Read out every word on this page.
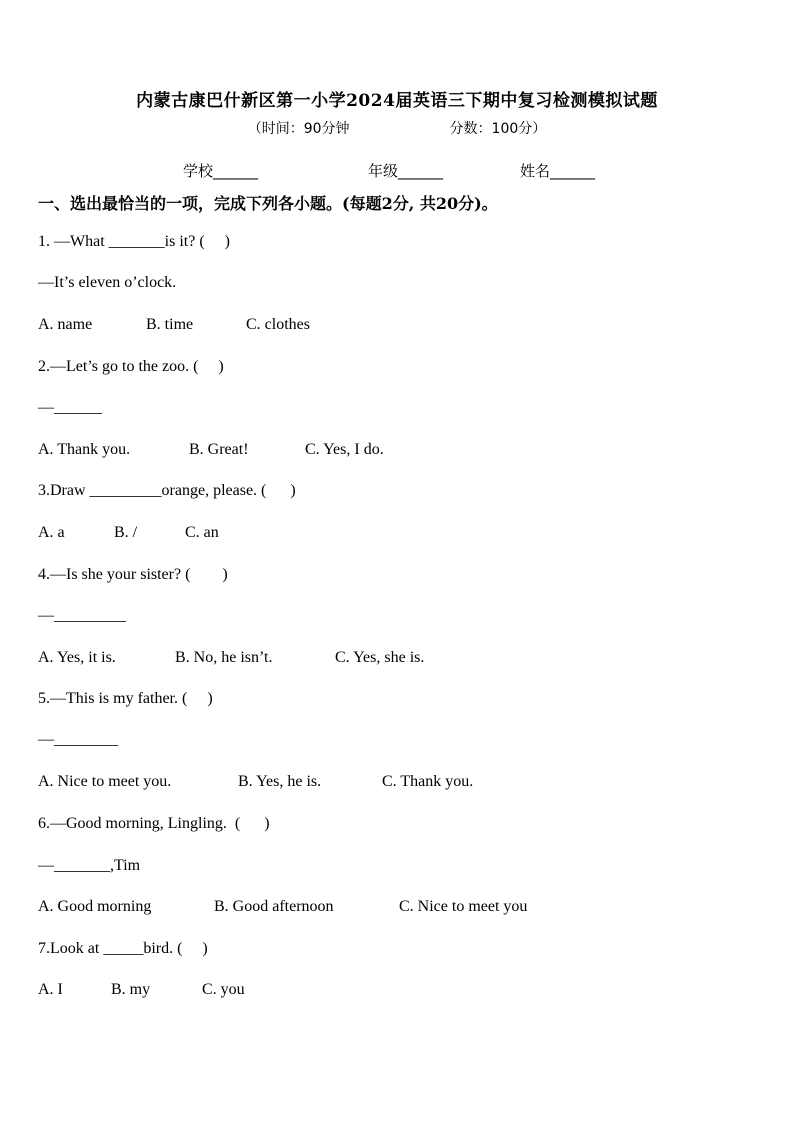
内蒙古康巴什新区第一小学2024届英语三下期中复习检测模拟试题
（时间：90分钟	分数：100分）
学校______	年级______	姓名______
一、选出最恰当的一项，完成下列各小题。(每题2分, 共20分)。
1. —What _______is it? (     )
—It’s eleven o’clock.
A. name	B. time	C. clothes
2.—Let’s go to the zoo. (     )
—______
A. Thank you.	B. Great!	C. Yes, I do.
3.Draw _________orange, please. (      )
A. a	B. /	C. an
4.—Is she your sister? (        )
—_________
A. Yes, it is.	B. No, he isn’t.	C. Yes, she is.
5.—This is my father. (     )
—________
A. Nice to meet you.	B. Yes, he is.	C. Thank you.
6.—Good morning, Lingling.  (      )
—_______,Tim
A. Good morning	B. Good afternoon	C. Nice to meet you
7.Look at _____bird. (     )
A. I	B. my	C. you
